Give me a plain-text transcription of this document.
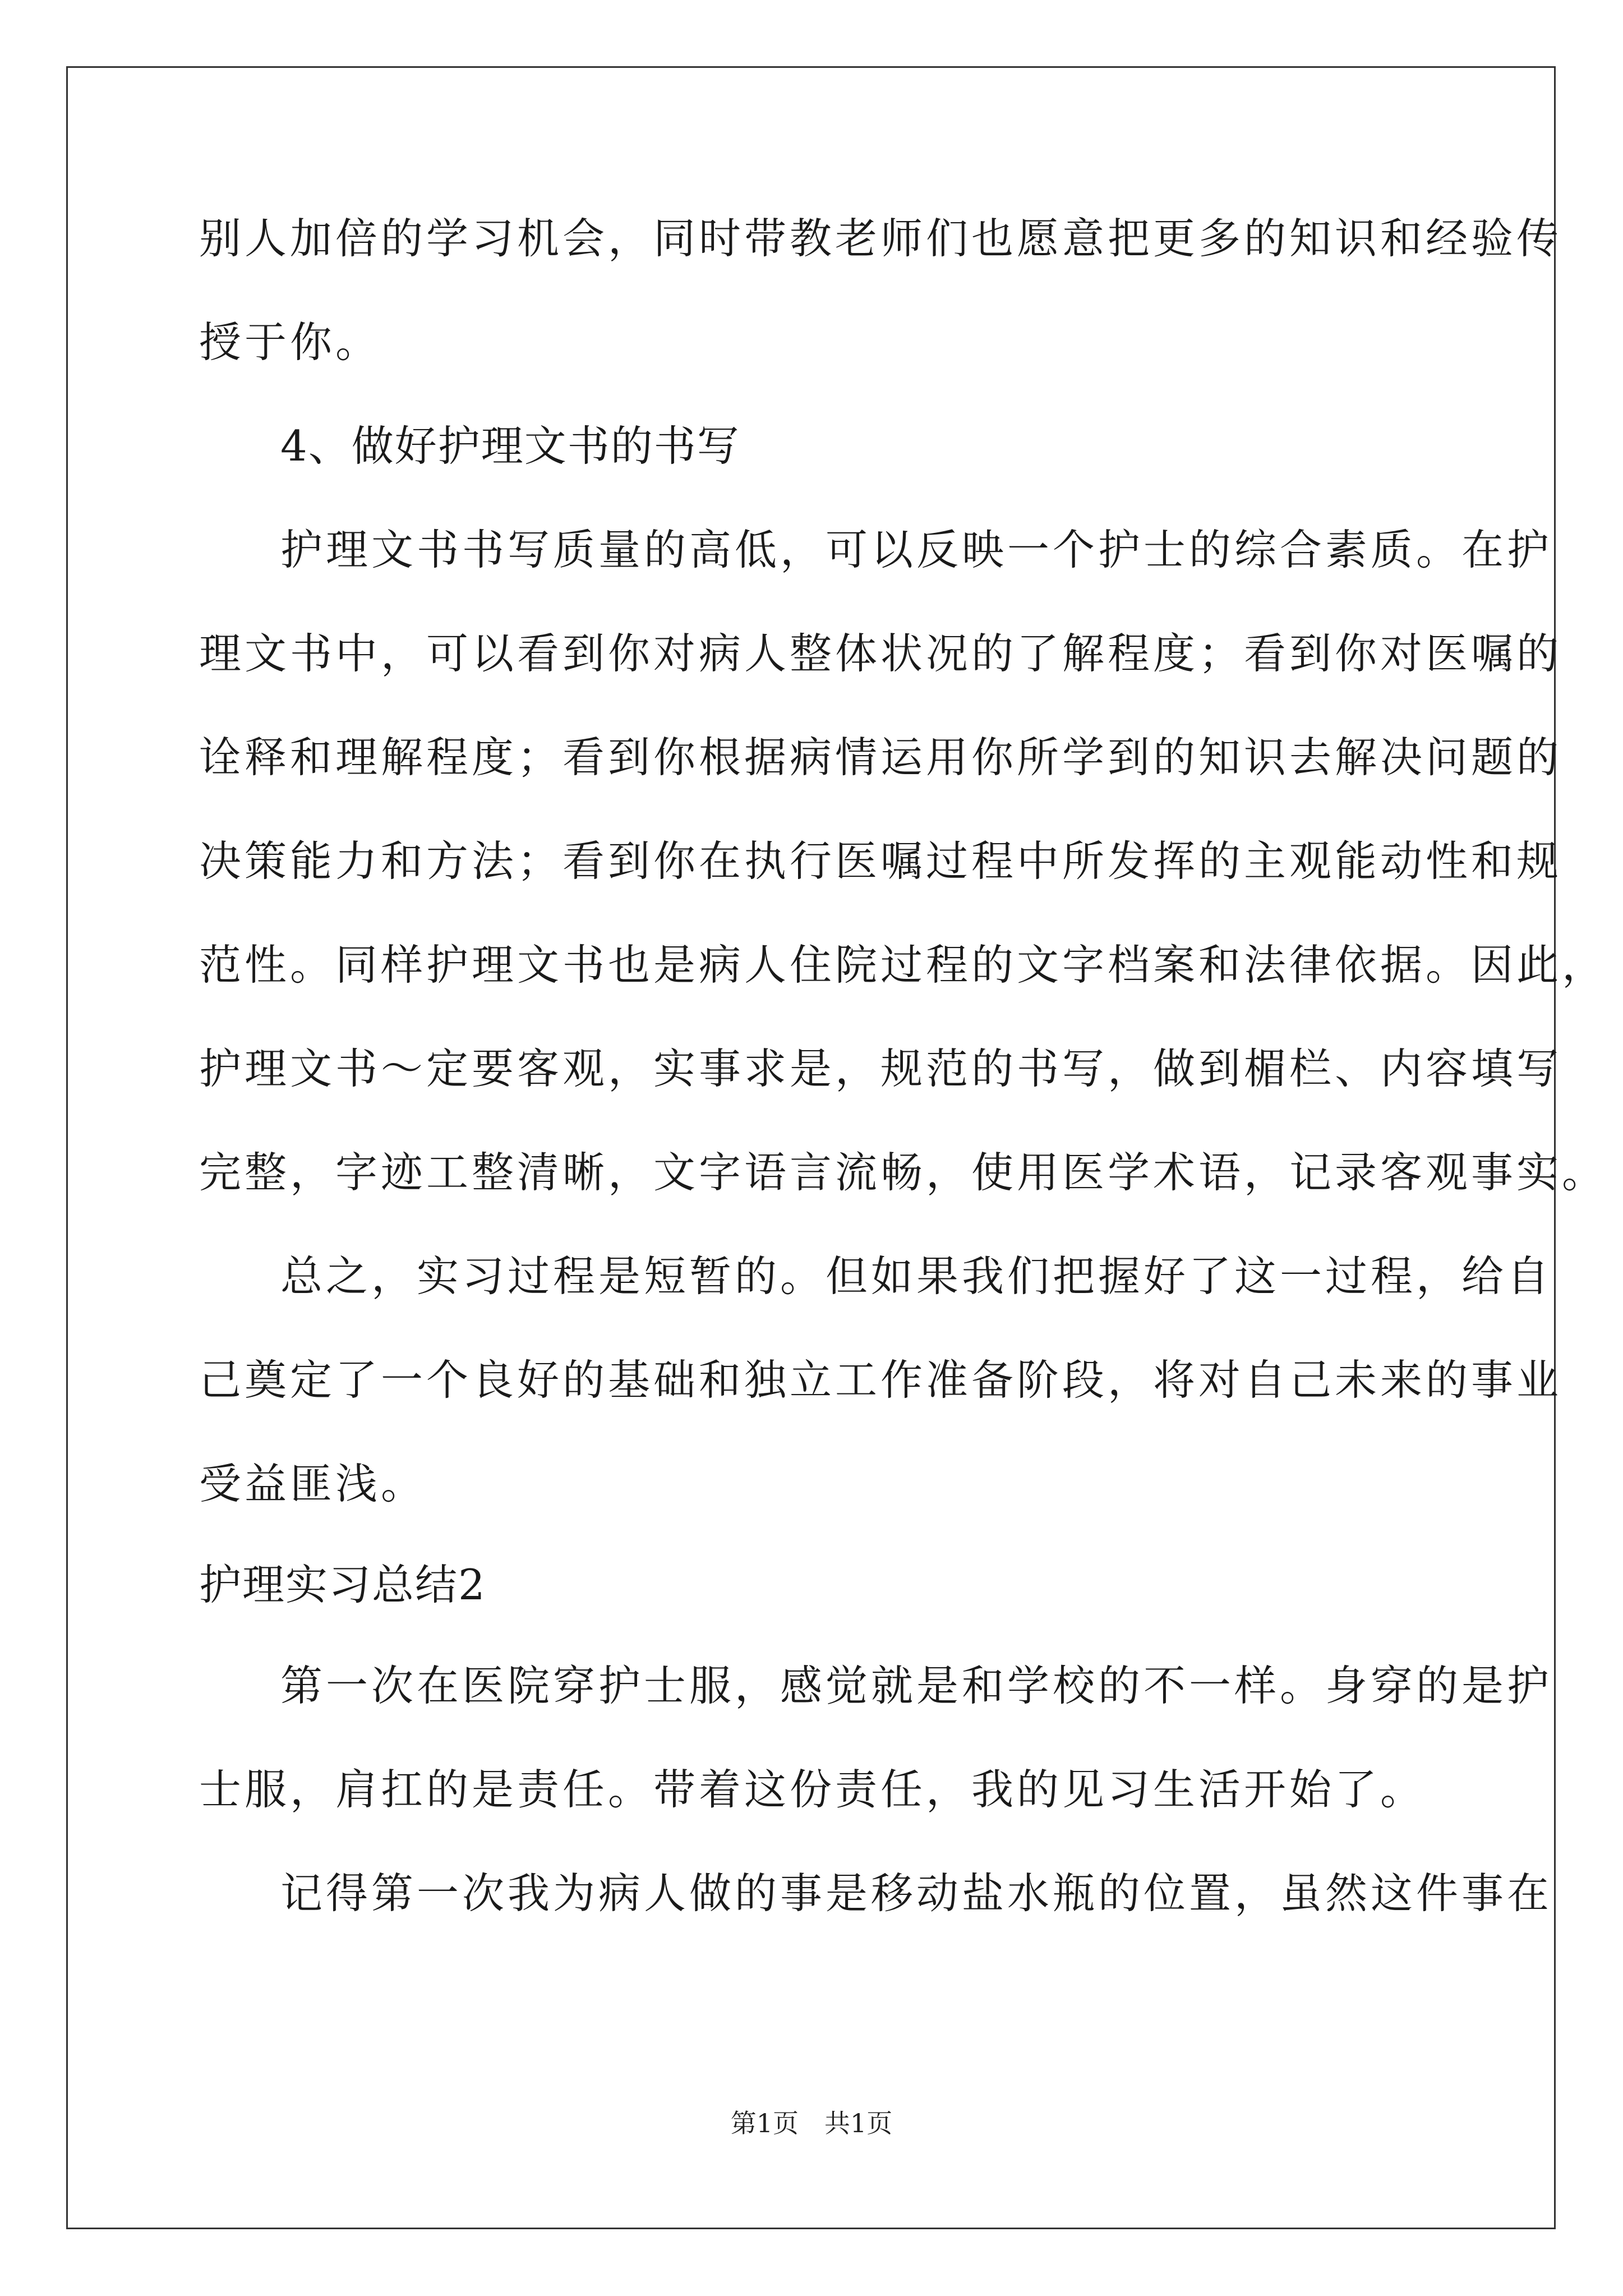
别人加倍的学习机会，同时带教老师们也愿意把更多的知识和经验传
授于你。
4、做好护理文书的书写
护理文书书写质量的高低，可以反映一个护士的综合素质。在护
理文书中，可以看到你对病人整体状况的了解程度；看到你对医嘱的
诠释和理解程度；看到你根据病情运用你所学到的知识去解决问题的
决策能力和方法；看到你在执行医嘱过程中所发挥的主观能动性和规
范性。同样护理文书也是病人住院过程的文字档案和法律依据。因此，
护理文书～定要客观，实事求是，规范的书写，做到楣栏、内容填写
完整，字迹工整清晰，文字语言流畅，使用医学术语，记录客观事实。
总之，实习过程是短暂的。但如果我们把握好了这一过程，给自
己奠定了一个良好的基础和独立工作准备阶段，将对自己未来的事业
受益匪浅。
护理实习总结2
第一次在医院穿护士服，感觉就是和学校的不一样。身穿的是护
士服，肩扛的是责任。带着这份责任，我的见习生活开始了。
记得第一次我为病人做的事是移动盐水瓶的位置，虽然这件事在
第1页　共1页
